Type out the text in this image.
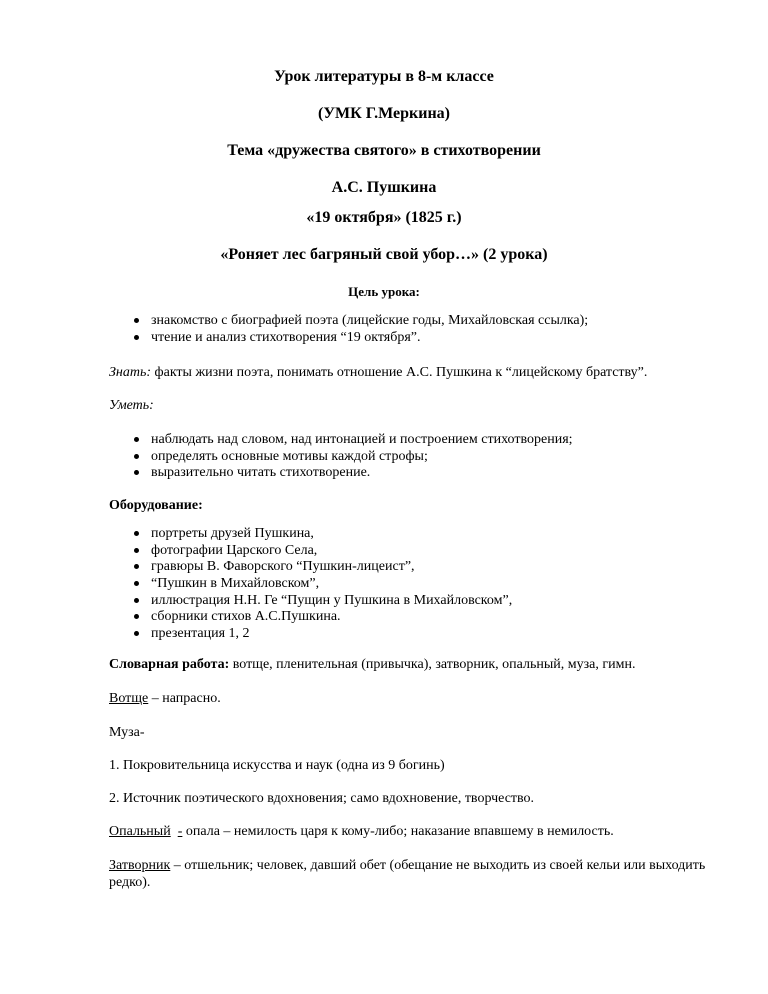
Урок литературы в 8-м классе
(УМК Г.Меркина)
Тема «дружества святого» в стихотворении
А.С. Пушкина
«19 октября» (1825 г.)
«Роняет лес багряный свой убор…» (2 урока)

Цель урока:

знакомство с биографией поэта (лицейские годы, Михайловская ссылка);
чтение и анализ стихотворения “19 октября”.

Знать: факты жизни поэта, понимать отношение А.С. Пушкина к “лицейскому братству”.

Уметь:

наблюдать над словом, над интонацией и построением стихотворения;
определять основные мотивы каждой строфы;
выразительно читать стихотворение.

Оборудование:

портреты друзей Пушкина,
фотографии Царского Села,
гравюры В. Фаворского “Пушкин-лицеист”,
“Пушкин в Михайловском”,
иллюстрация Н.Н. Ге “Пущин у Пушкина в Михайловском”,
сборники стихов А.С.Пушкина.
презентация 1, 2

Словарная работа: вотще, пленительная (привычка), затворник, опальный, муза, гимн.

Вотще – напрасно.

Муза-

1. Покровительница искусства и наук (одна из 9 богинь)

2. Источник поэтического вдохновения; само вдохновение, творчество.

Опальный - опала – немилость царя к кому-либо; наказание впавшему в немилость.

Затворник – отшельник; человек, давший обет (обещание не выходить из своей кельи или выходить редко).
